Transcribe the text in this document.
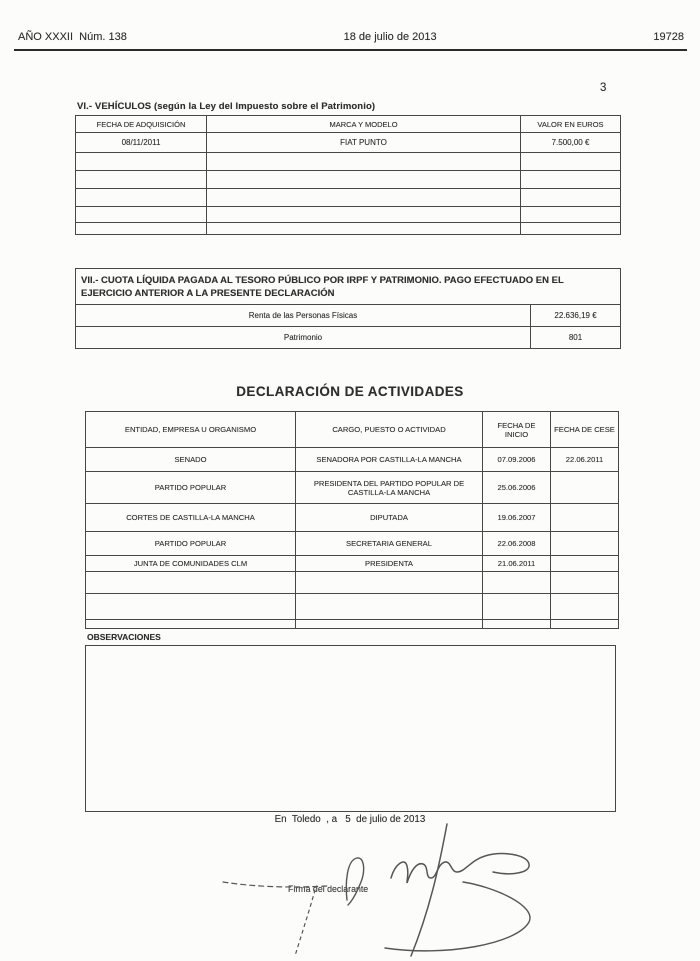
AÑO XXXII  Núm. 138	18 de julio de 2013	19728
3
VI.- VEHÍCULOS (según la Ley del Impuesto sobre el Patrimonio)
FECHA DE ADQUISICIÓN	MARCA Y MODELO	VALOR EN EUROS
08/11/2011	FIAT PUNTO	7.500,00 €

VII.- CUOTA LÍQUIDA PAGADA AL TESORO PÚBLICO POR IRPF Y PATRIMONIO. PAGO EFECTUADO EN EL EJERCICIO ANTERIOR A LA PRESENTE DECLARACIÓN	
Renta de las Personas Físicas	22.636,19 €
Patrimonio	801
DECLARACIÓN DE ACTIVIDADES
ENTIDAD, EMPRESA U ORGANISMO	CARGO, PUESTO O ACTIVIDAD	FECHA DE INICIO	FECHA DE CESE
SENADO	SENADORA POR CASTILLA-LA MANCHA	07.09.2006	22.06.2011
PARTIDO POPULAR	PRESIDENTA DEL PARTIDO POPULAR DE CASTILLA-LA MANCHA	25.06.2006	
CORTES DE CASTILLA-LA MANCHA	DIPUTADA	19.06.2007	
PARTIDO POPULAR	SECRETARIA GENERAL	22.06.2008	
JUNTA DE COMUNIDADES CLM	PRESIDENTA	21.06.2011	

OBSERVACIONES
En  Toledo  , a   5  de julio de 2013
Firma del declarante
